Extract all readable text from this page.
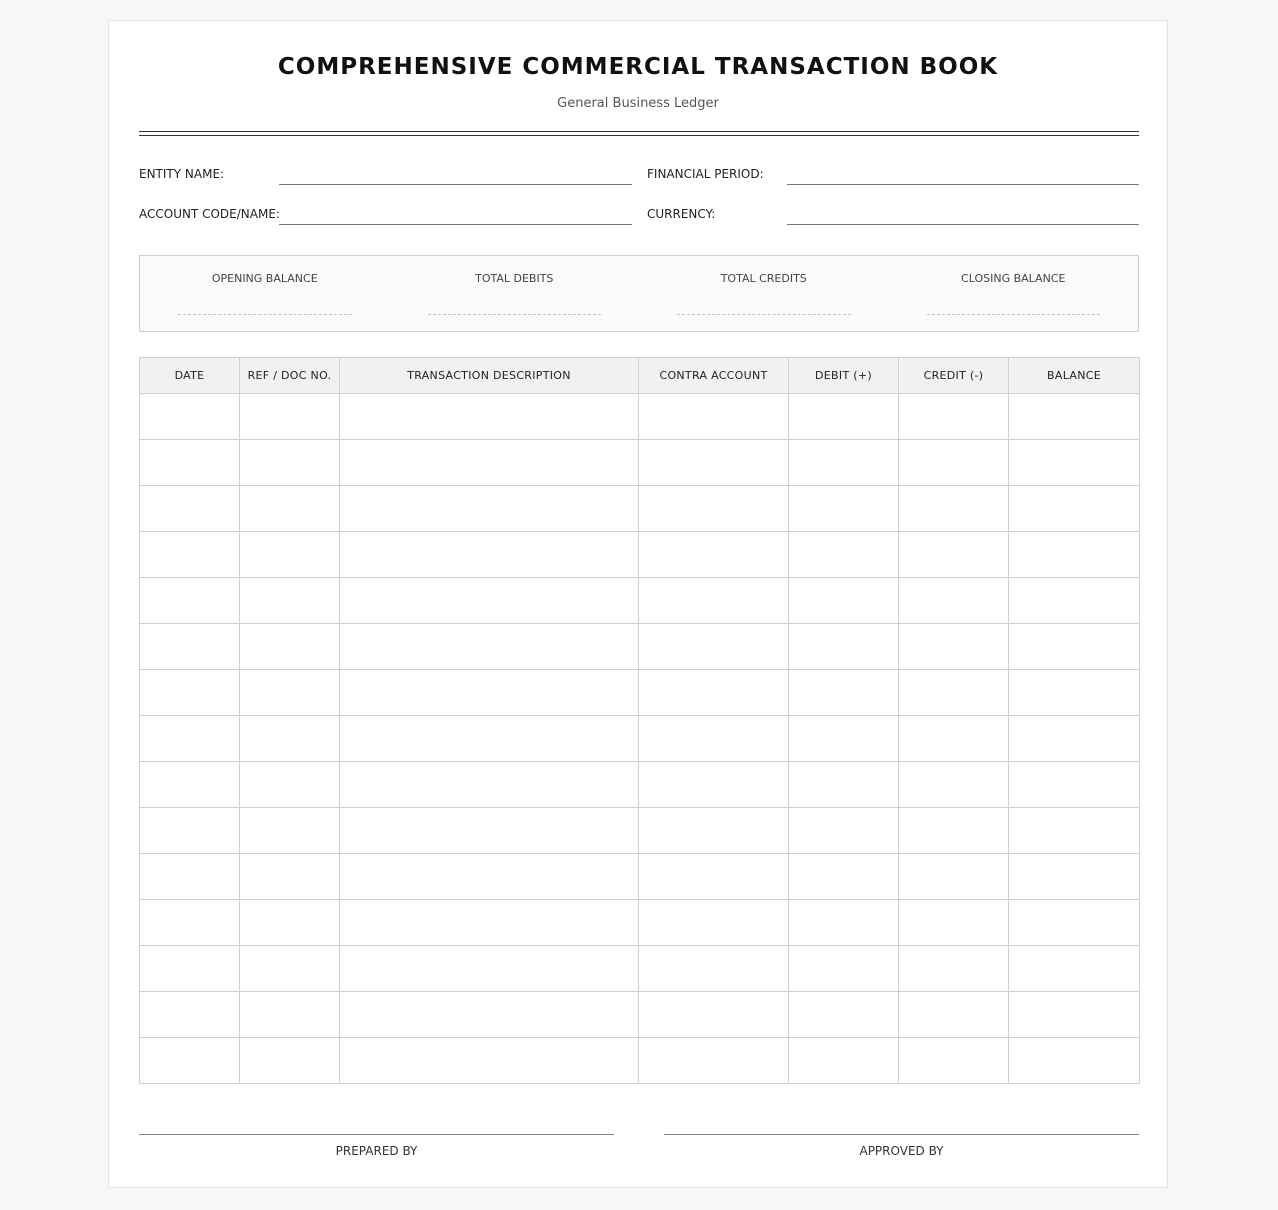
COMPREHENSIVE COMMERCIAL TRANSACTION BOOK
General Business Ledger
ENTITY NAME:	FINANCIAL PERIOD:
ACCOUNT CODE/NAME:	CURRENCY:
OPENING BALANCE	TOTAL DEBITS	TOTAL CREDITS	CLOSING BALANCE
DATE	REF / DOC NO.	TRANSACTION DESCRIPTION	CONTRA ACCOUNT	DEBIT (+)	CREDIT (-)	BALANCE

PREPARED BY	APPROVED BY
